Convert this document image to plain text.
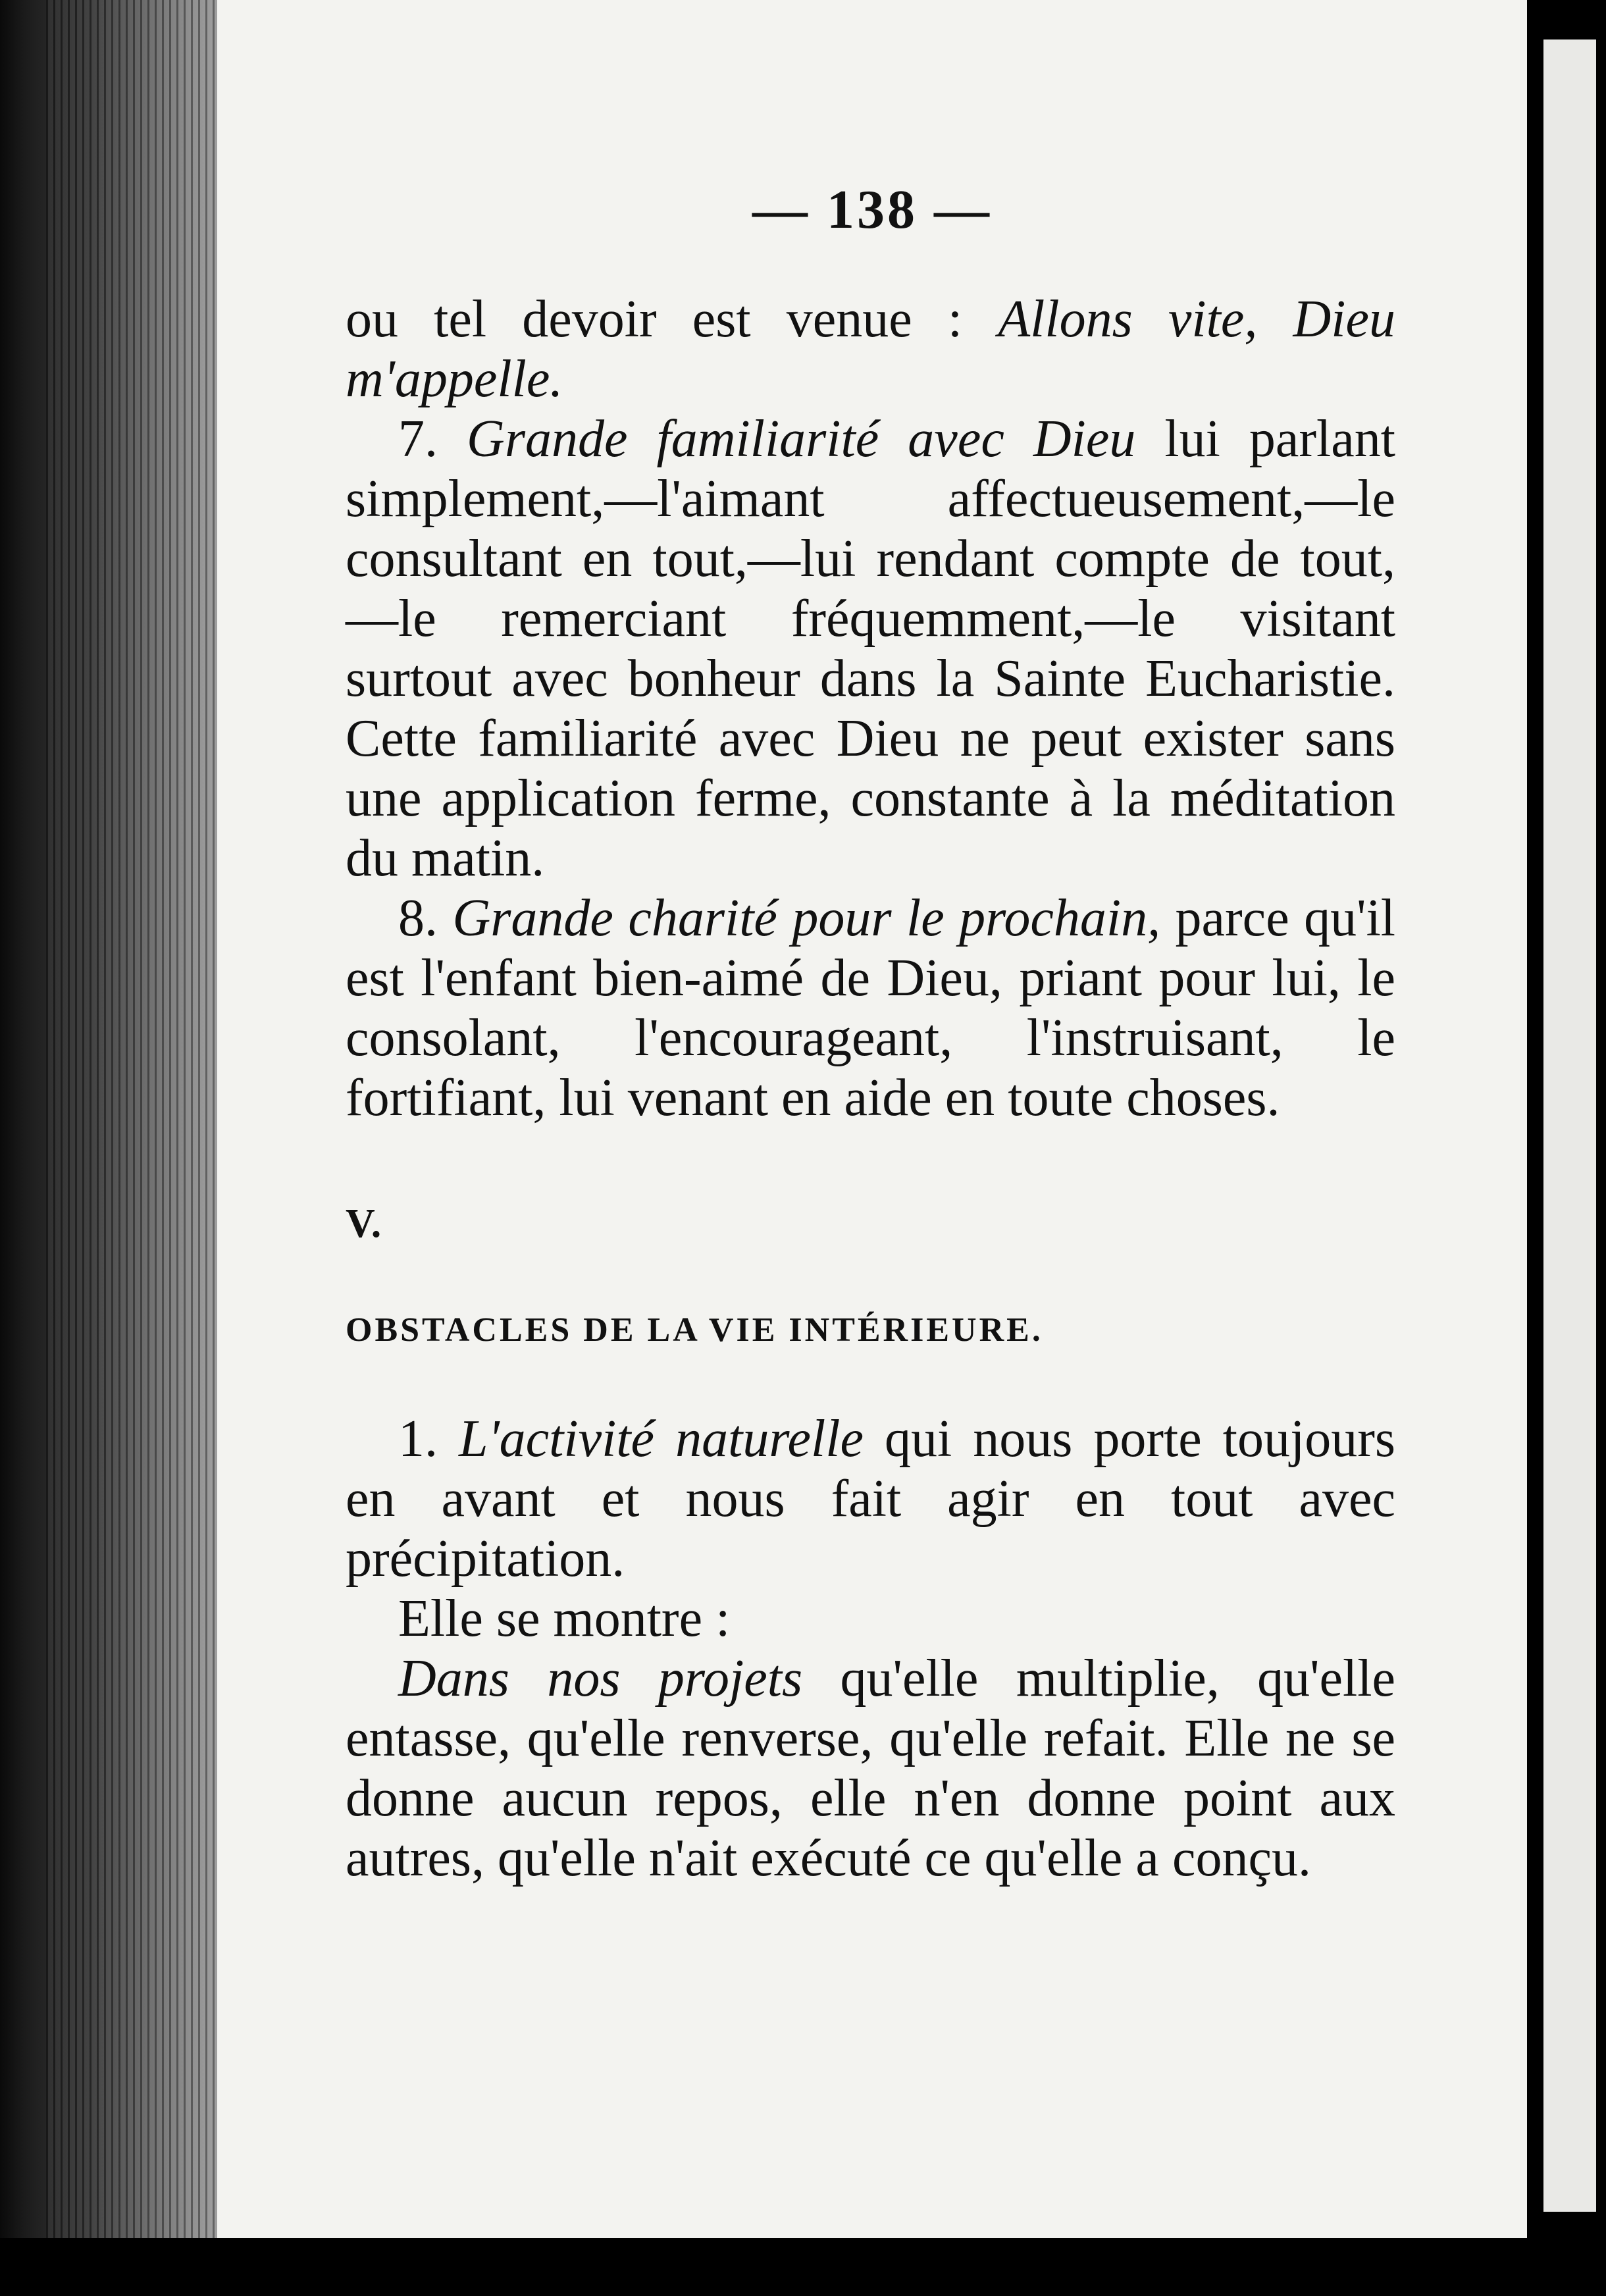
— 138 —

ou tel devoir est venue : Allons vite, Dieu m'appelle.

7. Grande familiarité avec Dieu lui parlant simplement,—l'aimant affectueusement,—le consultant en tout,—lui rendant compte de tout,—le remerciant fréquemment,—le visitant surtout avec bonheur dans la Sainte Eucharistie. Cette familiarité avec Dieu ne peut exister sans une application ferme, constante à la méditation du matin.

8. Grande charité pour le prochain, parce qu'il est l'enfant bien-aimé de Dieu, priant pour lui, le consolant, l'encourageant, l'instruisant, le fortifiant, lui venant en aide en toute choses.

V.

OBSTACLES DE LA VIE INTÉRIEURE.

1. L'activité naturelle qui nous porte toujours en avant et nous fait agir en tout avec précipitation.

Elle se montre :

Dans nos projets qu'elle multiplie, qu'elle entasse, qu'elle renverse, qu'elle refait. Elle ne se donne aucun repos, elle n'en donne point aux autres, qu'elle n'ait exécuté ce qu'elle a conçu.
